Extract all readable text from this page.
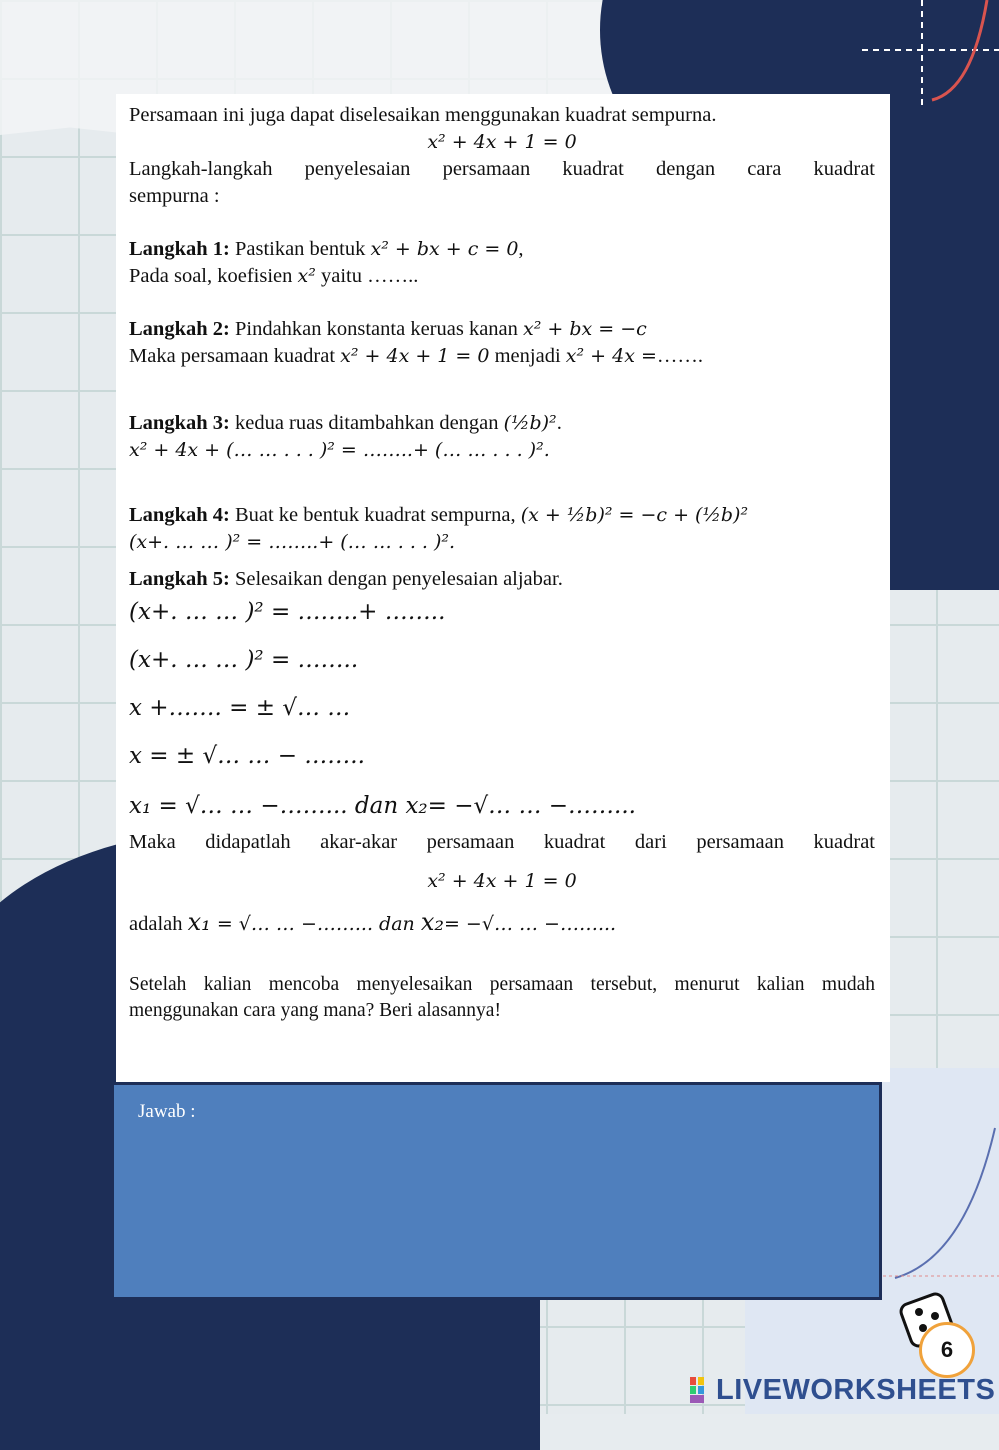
Persamaan ini juga dapat diselesaikan menggunakan kuadrat sempurna.
x² + 4x + 1 = 0
Langkah-langkah penyelesaian persamaan kuadrat dengan cara kuadrat
sempurna :
Langkah 1: Pastikan bentuk x² + bx + c = 0,
Pada soal, koefisien x² yaitu ……..
Langkah 2: Pindahkan konstanta keruas kanan x² + bx = −c
Maka persamaan kuadrat x² + 4x + 1 = 0 menjadi x² + 4x =…….
Langkah 3: kedua ruas ditambahkan dengan (½b)².
x² + 4x + (… … . . . )² = ……..+ (… … . . . )².
Langkah 4: Buat ke bentuk kuadrat sempurna, (x + ½b)² = −c + (½b)²
(x+. … … )² = ……..+ (… … . . . )².
Langkah 5: Selesaikan dengan penyelesaian aljabar.
(x+. … … )² = ……..+ ……..
(x+. … … )² = ……..
x +……. = ± √… …
x = ± √… … − ……..
x₁ = √… … −……... dan x₂= −√… … −……...
Maka didapatlah akar-akar persamaan kuadrat dari persamaan kuadrat
x² + 4x + 1 = 0
adalah x₁ = √… … −……... dan x₂= −√… … −……...
Setelah kalian mencoba menyelesaikan persamaan tersebut, menurut kalian mudah
menggunakan cara yang mana? Beri alasannya!
Jawab :
6
LIVEWORKSHEETS
